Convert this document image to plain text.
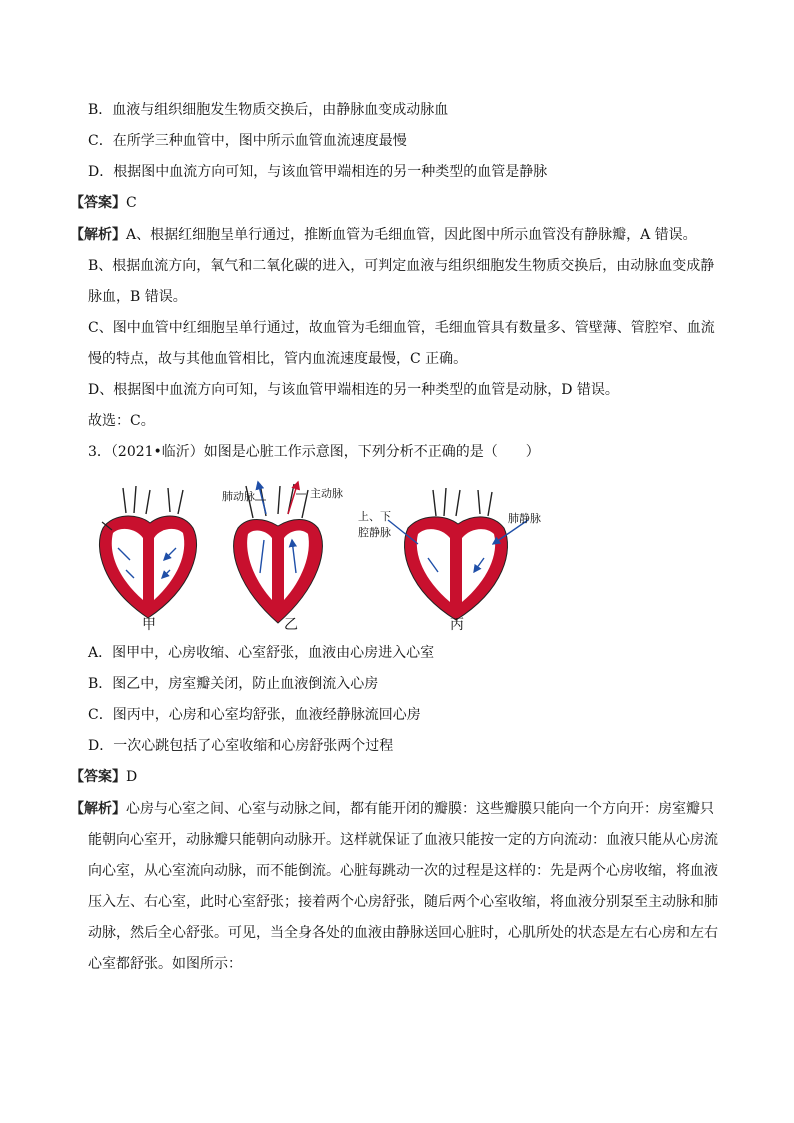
B．血液与组织细胞发生物质交换后，由静脉血变成动脉血
C．在所学三种血管中，图中所示血管血流速度最慢
D．根据图中血流方向可知，与该血管甲端相连的另一种类型的血管是静脉
【答案】C
【解析】A、根据红细胞呈单行通过，推断血管为毛细血管，因此图中所示血管没有静脉瓣，A 错误。
B、根据血流方向，氧气和二氧化碳的进入，可判定血液与组织细胞发生物质交换后，由动脉血变成静
脉血，B 错误。
C、图中血管中红细胞呈单行通过，故血管为毛细血管，毛细血管具有数量多、管壁薄、管腔窄、血流
慢的特点，故与其他血管相比，管内血流速度最慢，C 正确。
D、根据图中血流方向可知，与该血管甲端相连的另一种类型的血管是动脉，D 错误。
故选：C。
3．（2021•临沂）如图是心脏工作示意图，下列分析不正确的是（　　）
肺动脉	主动脉
上、下
腔静脉
肺静脉
甲	乙	丙
A．图甲中，心房收缩、心室舒张，血液由心房进入心室
B．图乙中，房室瓣关闭，防止血液倒流入心房
C．图丙中，心房和心室均舒张，血液经静脉流回心房
D．一次心跳包括了心室收缩和心房舒张两个过程
【答案】D
【解析】心房与心室之间、心室与动脉之间，都有能开闭的瓣膜：这些瓣膜只能向一个方向开：房室瓣只
能朝向心室开，动脉瓣只能朝向动脉开。这样就保证了血液只能按一定的方向流动：血液只能从心房流
向心室，从心室流向动脉，而不能倒流。心脏每跳动一次的过程是这样的：先是两个心房收缩，将血液
压入左、右心室，此时心室舒张；接着两个心房舒张，随后两个心室收缩，将血液分别泵至主动脉和肺
动脉，然后全心舒张。可见，当全身各处的血液由静脉送回心脏时，心肌所处的状态是左右心房和左右
心室都舒张。如图所示：
